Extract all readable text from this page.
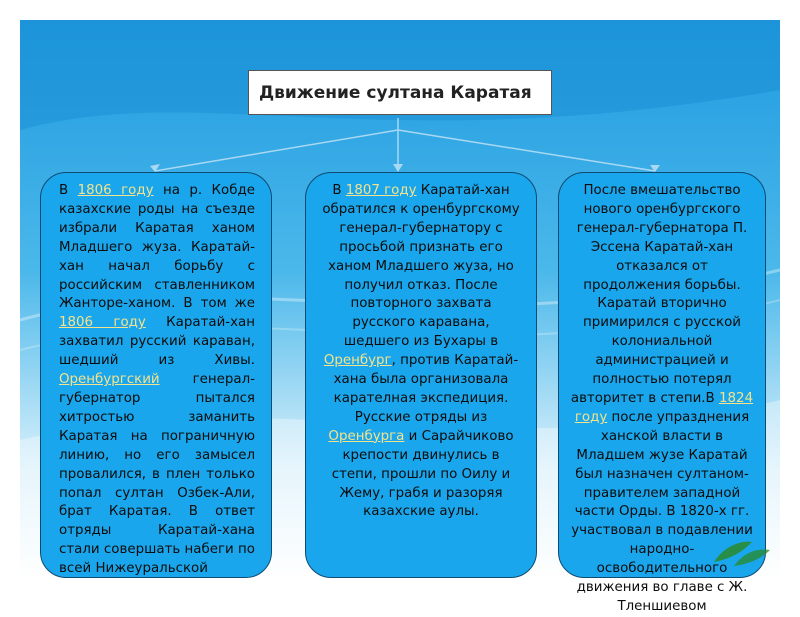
Движение султана Каратая
В 1806 году на р. Кобде казахские роды на съезде избрали Каратая ханом Младшего жуза. Каратай-хан начал борьбу с российским ставленником Жанторе-ханом. В том же 1806 году Каратай-хан захватил русский караван, шедший из Хивы. Оренбургский генерал-губернатор пытался хитростью заманить Каратая на пограничную линию, но его замысел провалился, в плен только попал султан Озбек-Али, брат Каратая. В ответ отряды Каратай-хана стали совершать набеги по всей Нижеуральской
В 1807 году Каратай-хан обратился к оренбургскому генерал-губернатору с просьбой признать его ханом Младшего жуза, но получил отказ. После повторного захвата русского каравана, шедшего из Бухары в Оренбург, против Каратай-хана была организовала карателная экспедиция. Русские отряды из Оренбурга и Сарайчиково крепости двинулись в степи, прошли по Оилу и Жему, грабя и разоряя казахские аулы.
После вмешательство нового оренбургского генерал-губернатора П. Эссена Каратай-хан отказался от продолжения борьбы. Каратай вторично примирился с русской колониальной администрацией и полностью потерял авторитет в степи.В 1824 году после упразднения ханской власти в Младшем жузе Каратай был назначен султаном-правителем западной части Орды. В 1820-х гг. участвовал в подавлении народно-освободительного движения во главе с Ж. Тленшиевом
